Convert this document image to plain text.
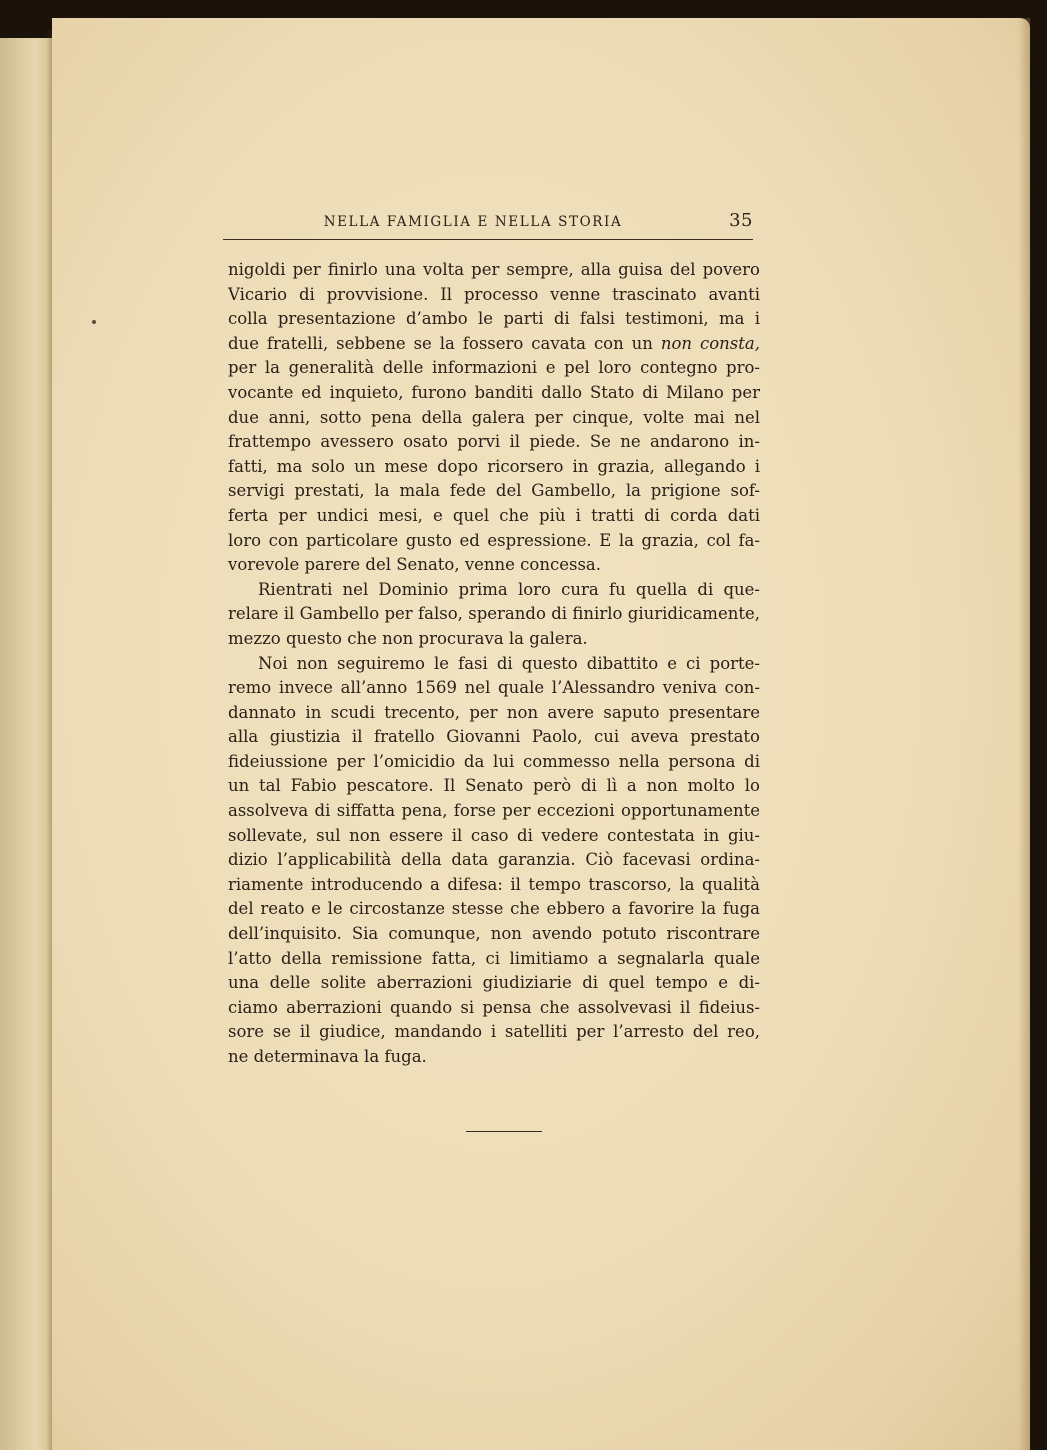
NELLA FAMIGLIA E NELLA STORIA	35
nigoldi per finirlo una volta per sempre, alla guisa del povero
Vicario di provvisione. Il processo venne trascinato avanti
colla presentazione d’ambo le parti di falsi testimoni, ma i
due fratelli, sebbene se la fossero cavata con un non consta,
per la generalità delle informazioni e pel loro contegno pro-
vocante ed inquieto, furono banditi dallo Stato di Milano per
due anni, sotto pena della galera per cinque, volte mai nel
frattempo avessero osato porvi il piede. Se ne andarono in-
fatti, ma solo un mese dopo ricorsero in grazia, allegando i
servigi prestati, la mala fede del Gambello, la prigione sof-
ferta per undici mesi, e quel che più i tratti di corda dati
loro con particolare gusto ed espressione. E la grazia, col fa-
vorevole parere del Senato, venne concessa.
Rientrati nel Dominio prima loro cura fu quella di que-
relare il Gambello per falso, sperando di finirlo giuridicamente,
mezzo questo che non procurava la galera.
Noi non seguiremo le fasi di questo dibattito e ci porte-
remo invece all’anno 1569 nel quale l’Alessandro veniva con-
dannato in scudi trecento, per non avere saputo presentare
alla giustizia il fratello Giovanni Paolo, cui aveva prestato
fideiussione per l’omicidio da lui commesso nella persona di
un tal Fabio pescatore. Il Senato però di lì a non molto lo
assolveva di siffatta pena, forse per eccezioni opportunamente
sollevate, sul non essere il caso di vedere contestata in giu-
dizio l’applicabilità della data garanzia. Ciò facevasi ordina-
riamente introducendo a difesa: il tempo trascorso, la qualità
del reato e le circostanze stesse che ebbero a favorire la fuga
dell’inquisito. Sia comunque, non avendo potuto riscontrare
l’atto della remissione fatta, ci limitiamo a segnalarla quale
una delle solite aberrazioni giudiziarie di quel tempo e di-
ciamo aberrazioni quando si pensa che assolvevasi il fideius-
sore se il giudice, mandando i satelliti per l’arresto del reo,
ne determinava la fuga.
